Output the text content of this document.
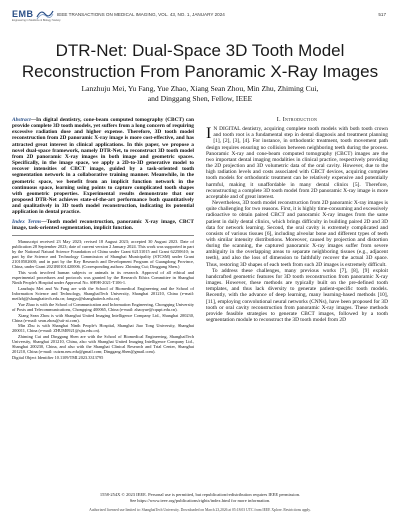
EMB
Engineering in Medicine & Biology Society
IEEE TRANSACTIONS ON MEDICAL IMAGING, VOL. 43, NO. 1, JANUARY 2024	517
DTR-Net: Dual-Space 3D Tooth Model Reconstruction From Panoramic X-Ray Images
Lanzhuju Mei, Yu Fang, Yue Zhao, Xiang Sean Zhou, Min Zhu, Zhiming Cui,
and Dinggang Shen, Fellow, IEEE
Abstract—In digital dentistry, cone-beam computed tomography (CBCT) can provide complete 3D tooth models, yet suffers from a long concern of requiring excessive radiation dose and higher expense. Therefore, 3D tooth model reconstruction from 2D panoramic X-ray image is more cost-effective, and has attracted great interest in clinical applications. In this paper, we propose a novel dual-space framework, namely DTR-Net, to reconstruct 3D tooth model from 2D panoramic X-ray images in both image and geometric spaces. Specifically, in the image space, we apply a 2D-to-3D generative model to recover intensities of CBCT image, guided by a task-oriented tooth segmentation network in a collaborative training manner. Meanwhile, in the geometric space, we benefit from an implicit function network in the continuous space, learning using points to capture complicated tooth shapes with geometric properties. Experimental results demonstrate that our proposed DTR-Net achieves state-of-the-art performance both quantitatively and qualitatively in 3D tooth model reconstruction, indicating its potential application in dental practice.
Index Terms—Tooth model reconstruction, panoramic X-ray image, CBCT image, task-oriented segmentation, implicit function.

Manuscript received 23 May 2023; revised 18 August 2023; accepted 30 August 2023. Date of publication 28 September 2023; date of current version 2 January 2024. This work was supported in part by the National Natural Science Foundation of China under Grant 62131015 and Grant 62250610; in part by the Science and Technology Commission of Shanghai Municipality (STCSM) under Grant 21010502600; and in part by the Key Research and Development Program of Guangdong Province, China, under Grant 2021B0101420006. (Corresponding authors: Zhiming Cui; Dinggang Shen.)

This work involved human subjects or animals in its research. Approval of all ethical and experimental procedures and protocols was granted by the Research Ethics Committee in Shanghai Ninth People's Hospital under Approval No. SH9H-2021-T106-1.

Lanzhuju Mei and Yu Fang are with the School of Biomedical Engineering and the School of Information Science and Technology, ShanghaiTech University, Shanghai 201210, China (e-mail: meilzhj@shanghaitech.edu.cn; fangyu@shanghaitech.edu.cn).

Yue Zhao is with the School of Communication and Information Engineering, Chongqing University of Posts and Telecommunications, Chongqing 400065, China (e-mail: zhaoyue@cqupt.edu.cn).

Xiang Sean Zhou is with Shanghai United Imaging Intelligence Company Ltd., Shanghai 200230, China (e-mail: sean.zhou@uii-ai.com).

Min Zhu is with Shanghai Ninth People's Hospital, Shanghai Jiao Tong University, Shanghai 200011, China (e-mail: ZHUM0921@sjtu.edu.cn).

Zhiming Cui and Dinggang Shen are with the School of Biomedical Engineering, ShanghaiTech University, Shanghai 201210, China, also with Shanghai United Imaging Intelligence Company Ltd., Shanghai 200230, China, and also with the Shanghai Clinical Research and Trial Center, Shanghai 201210, China (e-mail: cuizm.neu.edu@gmail.com; Dinggang.Shen@gmail.com).

Digital Object Identifier 10.1109/TMI.2023.3313795
I. Introduction

I N DIGITAL dentistry, acquiring complete tooth models with both tooth crown and tooth root is a fundamental step in dental diagnosis and treatment planning [1], [2], [3], [4]. For instance, in orthodontic treatment, tooth movement path design requires ensuring no collision between neighboring teeth during the process. Panoramic X-ray and cone-beam computed tomography (CBCT) images are the two important dental imaging modalities in clinical practice, respectively providing the 2D projection and 3D volumetric data of the oral cavity. However, due to the high radiation levels and costs associated with CBCT devices, acquiring complete tooth models for orthodontic treatment can be relatively expensive and potentially harmful, making it unaffordable in many dental clinics [5]. Therefore, reconstructing a complete 3D tooth model from 2D panoramic X-ray image is more acceptable and of great interest.

Nevertheless, 3D tooth model reconstruction from 2D panoramic X-ray images is quite challenging for two reasons. First, it is highly time-consuming and excessively radioactive to obtain paired CBCT and panoramic X-ray images from the same patient in daily dental clinics, which brings difficulty in building paired 2D and 3D data for network learning. Second, the oral cavity is extremely complicated and consists of various tissues [6], including alveolar bone and different types of teeth with similar intensity distributions. Moreover, caused by projection and distortion during the scanning, the captured panoramic X-ray images suffer from severe ambiguity in the overlapping areas to separate neighboring tissues (e.g., adjacent teeth), and also the loss of dimension to faithfully recover the actual 3D space. Thus, restoring 3D shapes of each teeth from such 2D images is extremely difficult.

To address these challenges, many previous works [7], [8], [9] exploit handcrafted geometric features for 3D tooth reconstruction from panoramic X-ray images. However, these methods are typically built on the pre-defined tooth templates, and thus lack diversity to generate patient-specific tooth models. Recently, with the advance of deep learning, many learning-based methods [10], [11], employing convolutional neural networks (CNNs), have been proposed for 3D tooth or oral cavity reconstruction from panoramic X-ray images. These methods provide feasible strategies to generate CBCT images, followed by a tooth segmentation module to reconstruct the 3D tooth model from 2D

1558-254X © 2023 IEEE. Personal use is permitted, but republication/redistribution requires IEEE permission.
See https://www.ieee.org/publications/rights/index.html for more information.
Authorized licensed use limited to: ShanghaiTech University. Downloaded on March 23,2026 at 05:18:03 UTC from IEEE Xplore. Restrictions apply.
